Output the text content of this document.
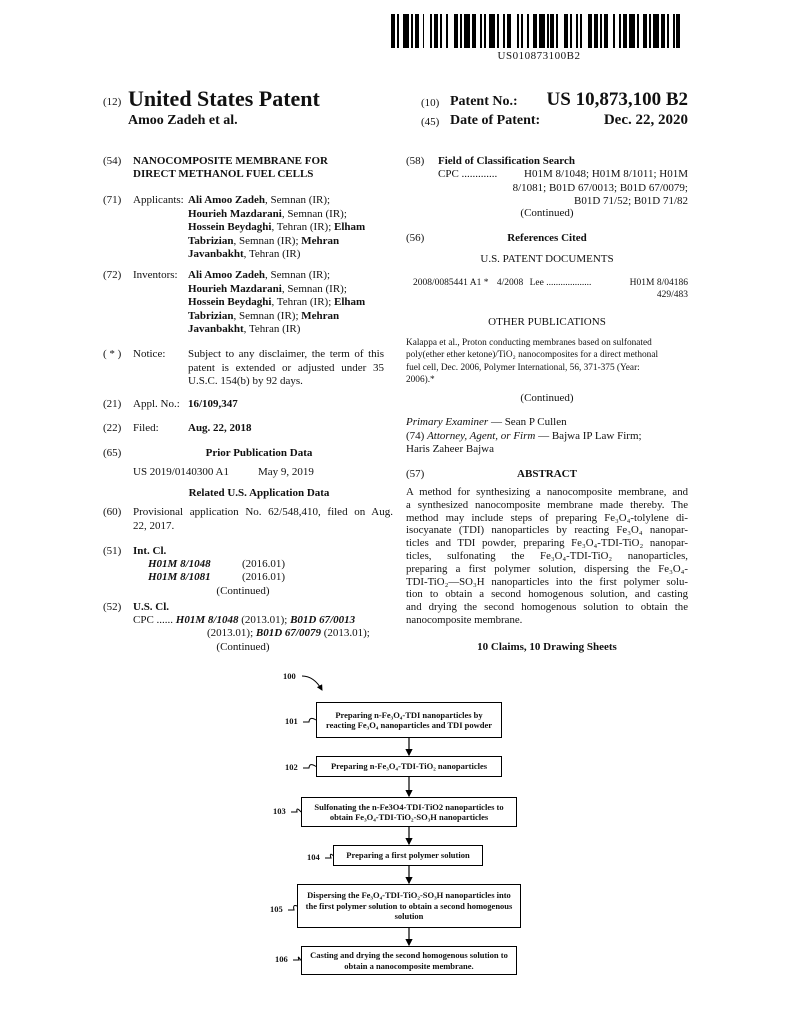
US010873100B2
(12) United States Patent
Amoo Zadeh et al.
(10) Patent No.:	US 10,873,100 B2
(45) Date of Patent:	Dec. 22, 2020
(54) NANOCOMPOSITE MEMBRANE FOR
DIRECT METHANOL FUEL CELLS
(71) Applicants: Ali Amoo Zadeh, Semnan (IR);
Hourieh Mazdarani, Semnan (IR);
Hossein Beydaghi, Tehran (IR); Elham
Tabrizian, Semnan (IR); Mehran
Javanbakht, Tehran (IR)
(72) Inventors: Ali Amoo Zadeh, Semnan (IR);
Hourieh Mazdarani, Semnan (IR);
Hossein Beydaghi, Tehran (IR); Elham
Tabrizian, Semnan (IR); Mehran
Javanbakht, Tehran (IR)
( * ) Notice: Subject to any disclaimer, the term of this
patent is extended or adjusted under 35
U.S.C. 154(b) by 92 days.
(21) Appl. No.: 16/109,347
(22) Filed:	Aug. 22, 2018
(65)	Prior Publication Data
US 2019/0140300 A1	May 9, 2019
Related U.S. Application Data
(60) Provisional application No. 62/548,410, filed on Aug.
22, 2017.
(51) Int. Cl.
H01M 8/1048	(2016.01)
H01M 8/1081	(2016.01)
(Continued)
(52) U.S. Cl.
CPC ...... H01M 8/1048 (2013.01); B01D 67/0013
(2013.01); B01D 67/0079 (2013.01);
(Continued)
(58) Field of Classification Search
CPC .............	H01M 8/1048; H01M 8/1011; H01M
8/1081; B01D 67/0013; B01D 67/0079;
B01D 71/52; B01D 71/82
(Continued)
(56)	References Cited
U.S. PATENT DOCUMENTS
2008/0085441 A1 * 4/2008 Lee ...................	H01M 8/04186
429/483
OTHER PUBLICATIONS
Kalappa et al., Proton conducting membranes based on sulfonated
poly(ether ether ketone)/TiO₂ nanocomposites for a direct methonal
fuel cell, Dec. 2006, Polymer International, 56, 371-375 (Year:
2006).*
(Continued)
Primary Examiner — Sean P Cullen
(74) Attorney, Agent, or Firm — Bajwa IP Law Firm;
Haris Zaheer Bajwa
(57)	ABSTRACT
A method for synthesizing a nanocomposite membrane, and
a synthesized nanocomposite membrane made thereby. The
method may include steps of preparing Fe₃O₄-tolylene di-
isocyanate (TDI) nanoparticles by reacting Fe₃O₄ nanopar-
ticles and TDI powder, preparing Fe₃O₄-TDI-TiO₂ nanopar-
ticles, sulfonating the Fe₃O₄-TDI-TiO₂ nanoparticles,
preparing a first polymer solution, dispersing the Fe₃O₄-
TDI-TiO₂—SO₃H nanoparticles into the first polymer solu-
tion to obtain a second homogenous solution, and casting
and drying the second homogenous solution to obtain the
nanocomposite membrane.
10 Claims, 10 Drawing Sheets
100
Preparing n-Fe₃O₄-TDI nanoparticles by
reacting Fe₃O₄ nanoparticles and TDI powder
101
Preparing n-Fe₃O₄-TDI-TiO₂ nanoparticles
102
Sulfonating the n-Fe3O4-TDI-TiO2 nanoparticles to
obtain Fe₃O₄-TDI-TiO₂-SO₃H nanoparticles
103
Preparing a first polymer solution
104
Dispersing the Fe₃O₄-TDI-TiO₂-SO₃H nanoparticles into
the first polymer solution to obtain a second homogenous
solution
105
Casting and drying the second homogenous solution to
obtain a nanocomposite membrane.
106
